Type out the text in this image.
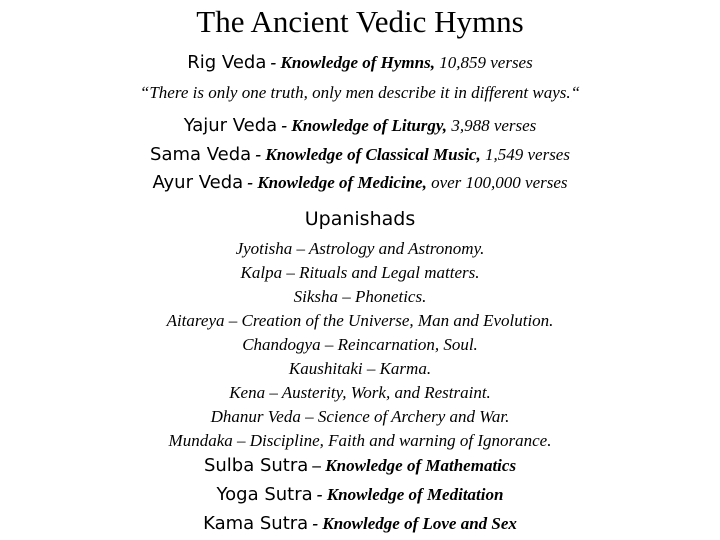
The Ancient Vedic Hymns
Rig Veda - Knowledge of Hymns, 10,859 verses
“There is only one truth, only men describe it in different ways.“
Yajur Veda - Knowledge of Liturgy, 3,988 verses
Sama Veda - Knowledge of Classical Music, 1,549 verses
Ayur Veda - Knowledge of Medicine, over 100,000 verses
Upanishads
Jyotisha – Astrology and Astronomy.
Kalpa – Rituals and Legal matters.
Siksha – Phonetics.
Aitareya – Creation of the Universe, Man and Evolution.
Chandogya – Reincarnation, Soul.
Kaushitaki – Karma.
Kena – Austerity, Work, and Restraint.
Dhanur Veda – Science of Archery and War.
Mundaka – Discipline, Faith and warning of Ignorance.
Sulba Sutra – Knowledge of Mathematics
Yoga Sutra - Knowledge of Meditation
Kama Sutra - Knowledge of Love and Sex
